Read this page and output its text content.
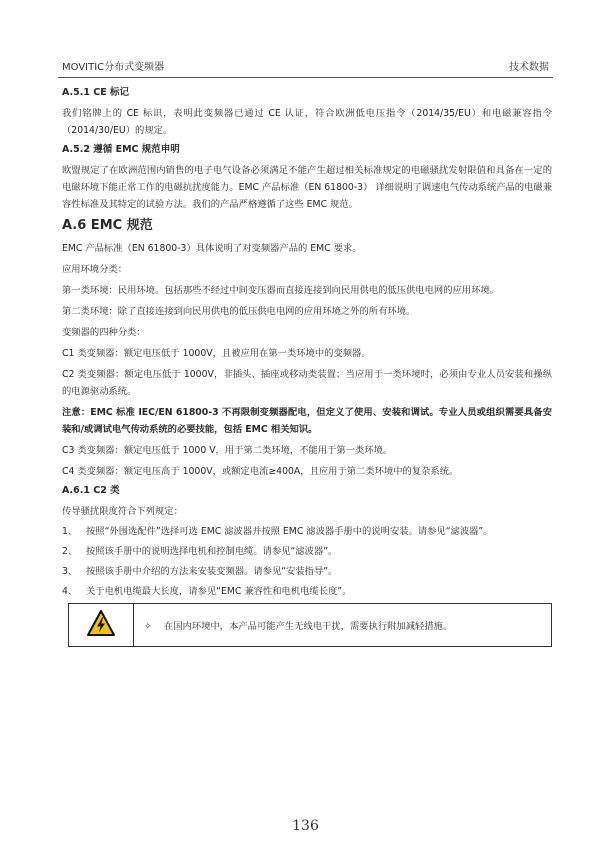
MOVITIC分布式变频器	技术数据
A.5.1 CE 标记

我们铭牌上的 CE 标识，表明此变频器已通过 CE 认证，符合欧洲低电压指令（2014/35/EU）和电磁兼容指令（2014/30/EU）的规定。

A.5.2 遵循 EMC 规范申明

欧盟规定了在欧洲范围内销售的电子电气设备必须满足不能产生超过相关标准规定的电磁骚扰发射限值和具备在一定的电磁环境下能正常工作的电磁抗扰度能力。EMC 产品标准（EN 61800-3） 详细说明了调速电气传动系统产品的电磁兼容性标准及其特定的试验方法。我们的产品严格遵循了这些 EMC 规范。

A.6 EMC 规范

EMC 产品标准（EN 61800-3）具体说明了对变频器产品的 EMC 要求。

应用环境分类：

第一类环境：民用环境。包括那些不经过中间变压器而直接连接到向民用供电的低压供电电网的应用环境。

第二类环境：除了直接连接到向民用供电的低压供电电网的应用环境之外的所有环境。

变频器的四种分类：

C1 类变频器：额定电压低于 1000V，且被应用在第一类环境中的变频器。

C2 类变频器：额定电压低于 1000V，非插头、插座或移动类装置；当应用于一类环境时，必须由专业人员安装和操纵的电源驱动系统。

注意：EMC 标准 IEC/EN 61800-3 不再限制变频器配电，但定义了使用、安装和调试。专业人员或组织需要具备安装和/或调试电气传动系统的必要技能，包括 EMC 相关知识。

C3 类变频器：额定电压低于 1000 V，用于第二类环境，不能用于第一类环境。

C4 类变频器：额定电压高于 1000V，或额定电流≥400A，且应用于第二类环境中的复杂系统。

A.6.1 C2 类

传导骚扰限度符合下列规定：

1、 按照“外围选配件”选择可选 EMC 滤波器并按照 EMC 滤波器手册中的说明安装。请参见“滤波器”。
2、 按照该手册中的说明选择电机和控制电缆。请参见“滤波器”。
3、 按照该手册中介绍的方法来安装变频器。请参见“安装指导”。
4、 关于电机电缆最大长度，请参见“EMC 兼容性和电机电缆长度”。
	✧ 在国内环境中，本产品可能产生无线电干扰，需要执行附加减轻措施。
136
